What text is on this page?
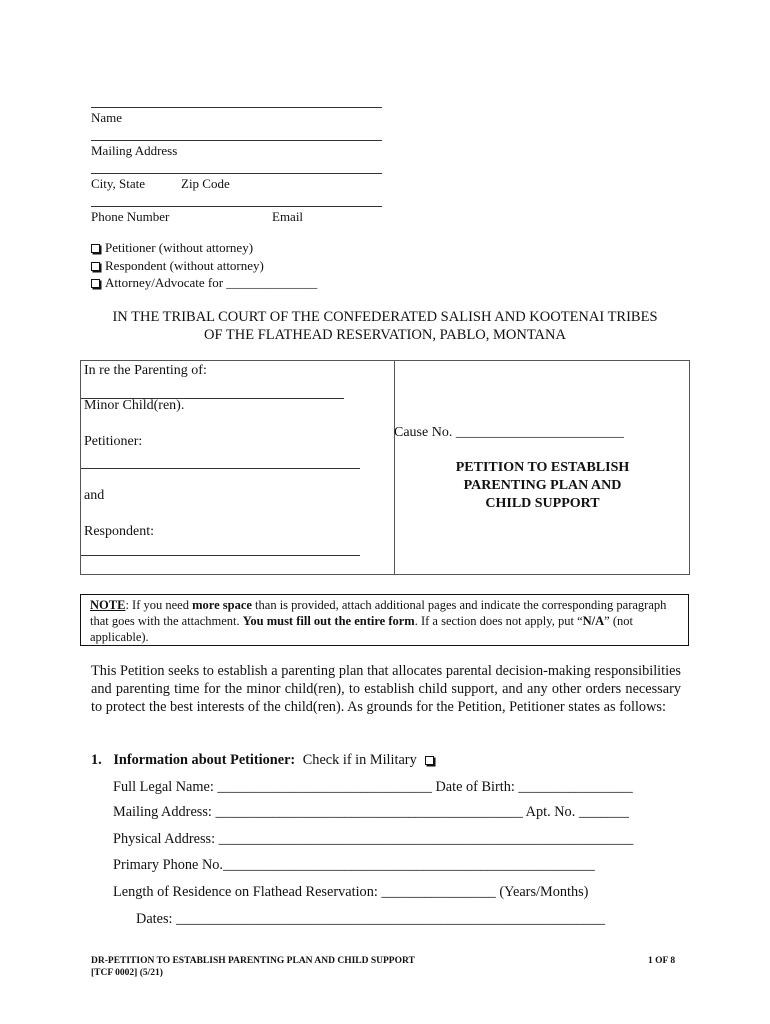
Name
Mailing Address
City, State	Zip Code
Phone Number	Email
Petitioner (without attorney)
Respondent (without attorney)
Attorney/Advocate for ______________
IN THE TRIBAL COURT OF THE CONFEDERATED SALISH AND KOOTENAI TRIBES
OF THE FLATHEAD RESERVATION, PABLO, MONTANA
In re the Parenting of:
Minor Child(ren).
Petitioner:
and
Respondent:
Cause No. ________________________
PETITION TO ESTABLISH
PARENTING PLAN AND
CHILD SUPPORT
NOTE: If you need more space than is provided, attach additional pages and indicate the corresponding paragraph that goes with the attachment. You must fill out the entire form. If a section does not apply, put “N/A” (not applicable).
This Petition seeks to establish a parenting plan that allocates parental decision-making responsibilities and parenting time for the minor child(ren), to establish child support, and any other orders necessary to protect the best interests of the child(ren). As grounds for the Petition, Petitioner states as follows:
1. Information about Petitioner: Check if in Military
Full Legal Name: ______________________________ Date of Birth: ________________
Mailing Address: ___________________________________________ Apt. No. _______
Physical Address: __________________________________________________________
Primary Phone No.____________________________________________________
Length of Residence on Flathead Reservation: ________________ (Years/Months)
Dates: ____________________________________________________________
DR-PETITION TO ESTABLISH PARENTING PLAN AND CHILD SUPPORT
[TCF 0002] (5/21)
1 OF 8
